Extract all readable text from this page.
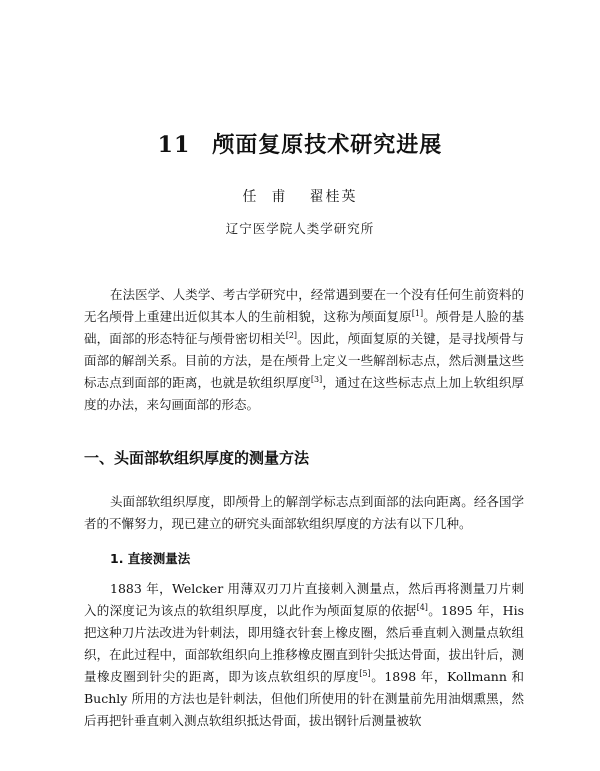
11 颅面复原技术研究进展
任  甫 翟桂英
辽宁医学院人类学研究所

在法医学、人类学、考古学研究中，经常遇到要在一个没有任何生前资料的无名颅骨上重建出近似其本人的生前相貌，这称为颅面复原[1]。颅骨是人脸的基础，面部的形态特征与颅骨密切相关[2]。因此，颅面复原的关键，是寻找颅骨与面部的解剖关系。目前的方法，是在颅骨上定义一些解剖标志点，然后测量这些标志点到面部的距离，也就是软组织厚度[3]，通过在这些标志点上加上软组织厚度的办法，来勾画面部的形态。

一、头面部软组织厚度的测量方法

头面部软组织厚度，即颅骨上的解剖学标志点到面部的法向距离。经各国学者的不懈努力，现已建立的研究头面部软组织厚度的方法有以下几种。

1. 直接测量法

1883 年，Welcker 用薄双刃刀片直接刺入测量点，然后再将测量刀片刺入的深度记为该点的软组织厚度，以此作为颅面复原的依据[4]。1895 年，His 把这种刀片法改进为针刺法，即用缝衣针套上橡皮圈，然后垂直刺入测量点软组织，在此过程中，面部软组织向上推移橡皮圈直到针尖抵达骨面，拔出针后，测量橡皮圈到针尖的距离，即为该点软组织的厚度[5]。1898 年，Kollmann 和 Buchly 所用的方法也是针刺法，但他们所使用的针在测量前先用油烟熏黑，然后再把针垂直刺入测点软组织抵达骨面，拔出钢针后测量被软
